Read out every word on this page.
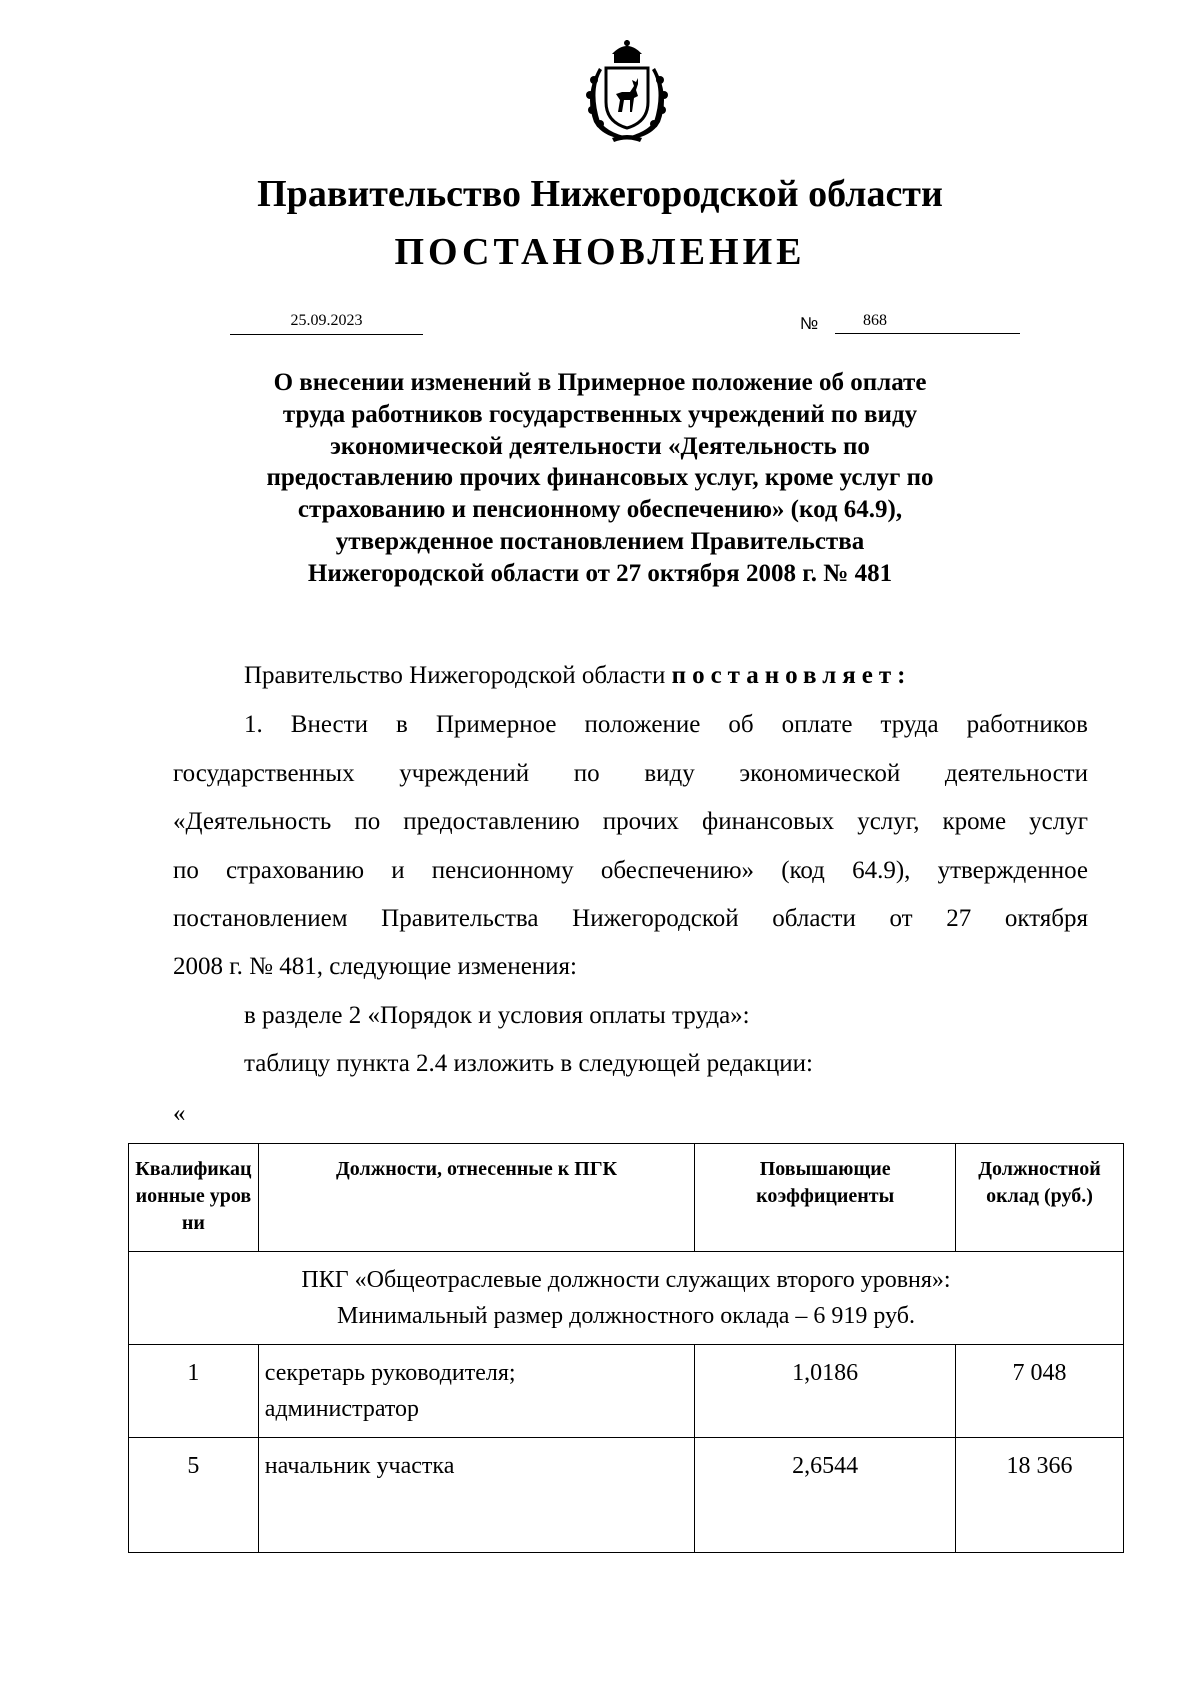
Правительство Нижегородской области
ПОСТАНОВЛЕНИЕ
25.09.2023	№	868
О внесении изменений в Примерное положение об оплате
труда работников государственных учреждений по виду
экономической деятельности «Деятельность по
предоставлению прочих финансовых услуг, кроме услуг по
страхованию и пенсионному обеспечению» (код 64.9),
утвержденное постановлением Правительства
Нижегородской области от 27 октября 2008 г. № 481
Правительство Нижегородской области постановляет:
1. Внести в Примерное положение об оплате труда работников
государственных учреждений по виду экономической деятельности
«Деятельность по предоставлению прочих финансовых услуг, кроме услуг
по страхованию и пенсионному обеспечению» (код 64.9), утвержденное
постановлением Правительства Нижегородской области от 27 октября
2008 г. № 481, следующие изменения:
в разделе 2 «Порядок и условия оплаты труда»:
таблицу пункта 2.4 изложить в следующей редакции:
«
Квалификационные уровни	Должности, отнесенные к ПГК	Повышающие коэффициенты	Должностной оклад (руб.)

ПКГ «Общеотраслевые должности служащих второго уровня»:
Минимальный размер должностного оклада – 6 919 руб.			

1	секретарь руководителя;
администратор	1,0186	7 048
5	начальник участка	2,6544	18 366
